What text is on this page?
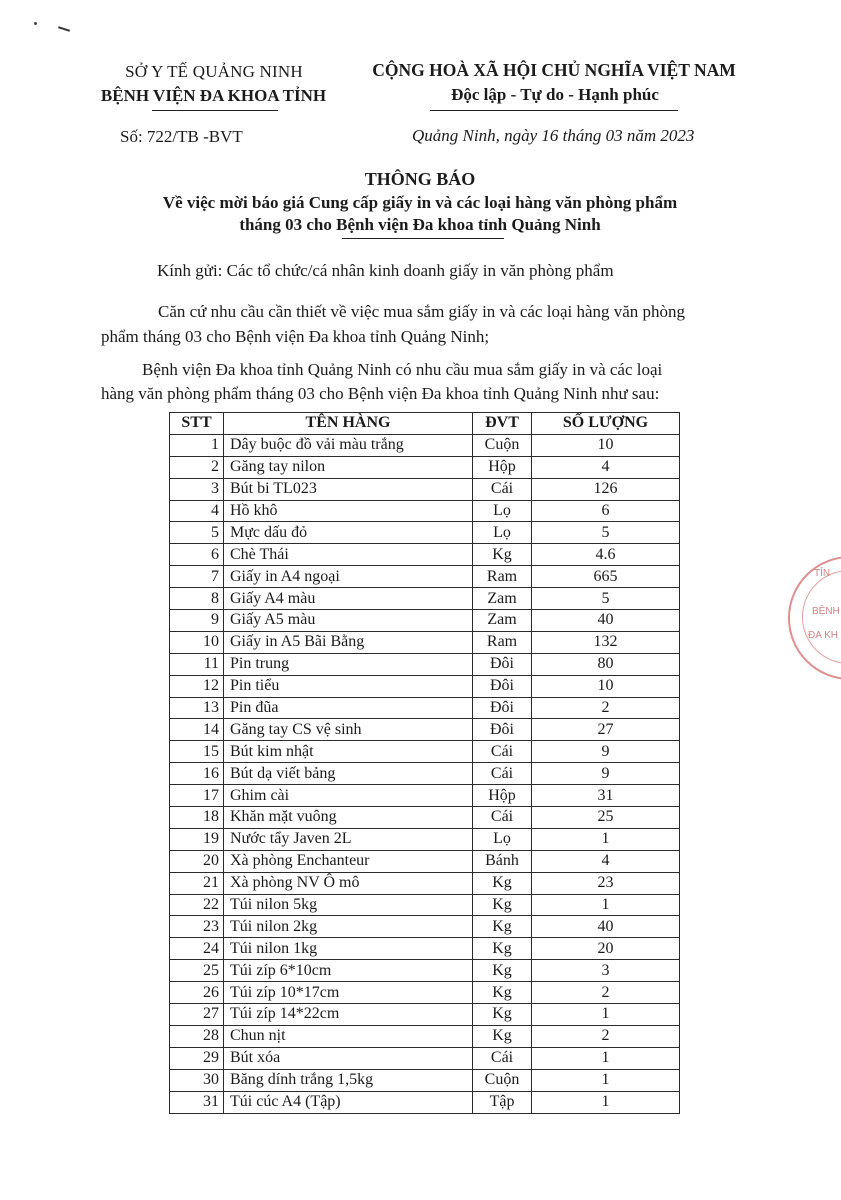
SỞ Y TẾ QUẢNG NINH
BỆNH VIỆN ĐA KHOA TỈNH
Số: 722/TB -BVT
CỘNG HOÀ XÃ HỘI CHỦ NGHĨA VIỆT NAM
Độc lập - Tự do - Hạnh phúc
Quảng Ninh, ngày 16 tháng 03 năm 2023
THÔNG BÁO
Về việc mời báo giá Cung cấp giấy in và các loại hàng văn phòng phẩm
tháng 03 cho Bệnh viện Đa khoa tỉnh Quảng Ninh
Kính gửi: Các tổ chức/cá nhân kinh doanh giấy in văn phòng phẩm
Căn cứ nhu cầu cần thiết về việc mua sắm giấy in và các loại hàng văn phòng
phẩm tháng 03 cho Bệnh viện Đa khoa tỉnh Quảng Ninh;
Bệnh viện Đa khoa tỉnh Quảng Ninh có nhu cầu mua sắm giấy in và các loại
hàng văn phòng phẩm tháng 03 cho Bệnh viện Đa khoa tỉnh Quảng Ninh như sau:
STT	TÊN HÀNG	ĐVT	SỐ LƯỢNG
1	Dây buộc đồ vải màu trắng	Cuộn	10
2	Găng tay nilon	Hộp	4
3	Bút bi TL023	Cái	126
4	Hồ khô	Lọ	6
5	Mực dấu đỏ	Lọ	5
6	Chè Thái	Kg	4.6
7	Giấy in A4 ngoại	Ram	665
8	Giấy A4 màu	Zam	5
9	Giấy A5 màu	Zam	40
10	Giấy in A5 Bãi Bằng	Ram	132
11	Pin trung	Đôi	80
12	Pin tiểu	Đôi	10
13	Pin đũa	Đôi	2
14	Găng tay CS vệ sinh	Đôi	27
15	Bút kim nhật	Cái	9
16	Bút dạ viết bảng	Cái	9
17	Ghim cài	Hộp	31
18	Khăn mặt vuông	Cái	25
19	Nước tẩy Javen 2L	Lọ	1
20	Xà phòng Enchanteur	Bánh	4
21	Xà phòng NV Ô mô	Kg	23
22	Túi nilon 5kg	Kg	1
23	Túi nilon 2kg	Kg	40
24	Túi nilon 1kg	Kg	20
25	Túi zíp 6*10cm	Kg	3
26	Túi zíp 10*17cm	Kg	2
27	Túi zíp 14*22cm	Kg	1
28	Chun nịt	Kg	2
29	Bút xóa	Cái	1
30	Băng dính trắng 1,5kg	Cuộn	1
31	Túi cúc A4 (Tập)	Tập	1
TỈN
BỆNH
ĐA KH
